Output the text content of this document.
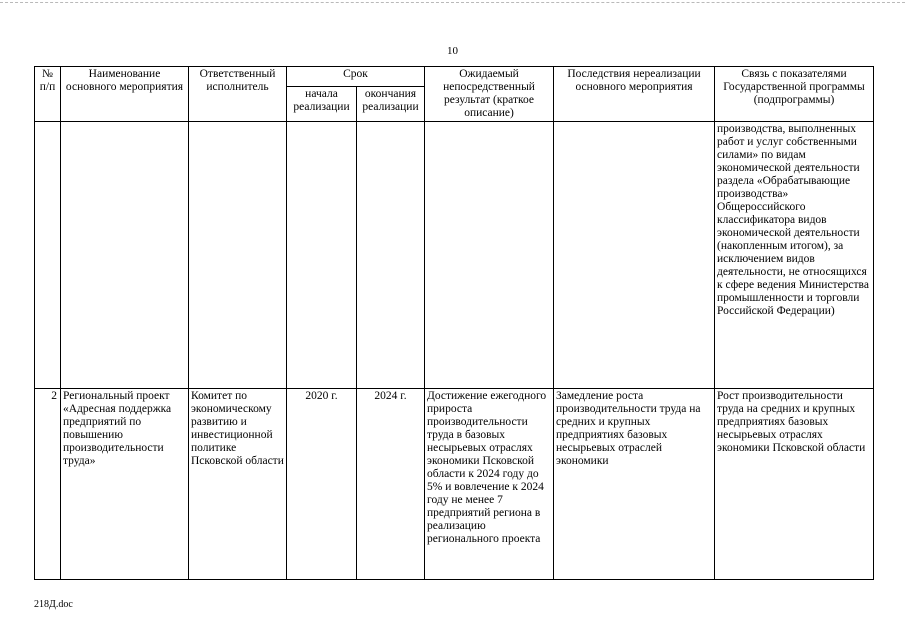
10
№ п/п	Наименование основного мероприятия	Ответственный исполнитель	Срок		Ожидаемый непосредственный результат (краткое описание)	Последствия нереализации основного мероприятия	Связь с показателями Государственной программы (подпрограммы)
			начала реализации	окончания реализации			
							производства, выполненных работ и услуг собственными силами» по видам экономической деятельности раздела «Обрабатывающие производства» Общероссийского классификатора видов экономической деятельности (накопленным итогом), за исключением видов деятельности, не относящихся к сфере ведения Министерства промышленности и торговли Российской Федерации)
2	Региональный проект «Адресная поддержка предприятий по повышению производительности труда»	Комитет по экономическому развитию и инвестиционной политике Псковской области	2020 г.	2024 г.	Достижение ежегодного прироста производительности труда в базовых несырьевых отраслях экономики Псковской области к 2024 году до 5% и вовлечение к 2024 году не менее 7 предприятий региона в реализацию регионального проекта	Замедление роста производительности труда на средних и крупных предприятиях базовых несырьевых отраслей экономики	Рост производительности труда на средних и крупных предприятиях базовых несырьевых отраслях экономики Псковской области
218Д.doc
